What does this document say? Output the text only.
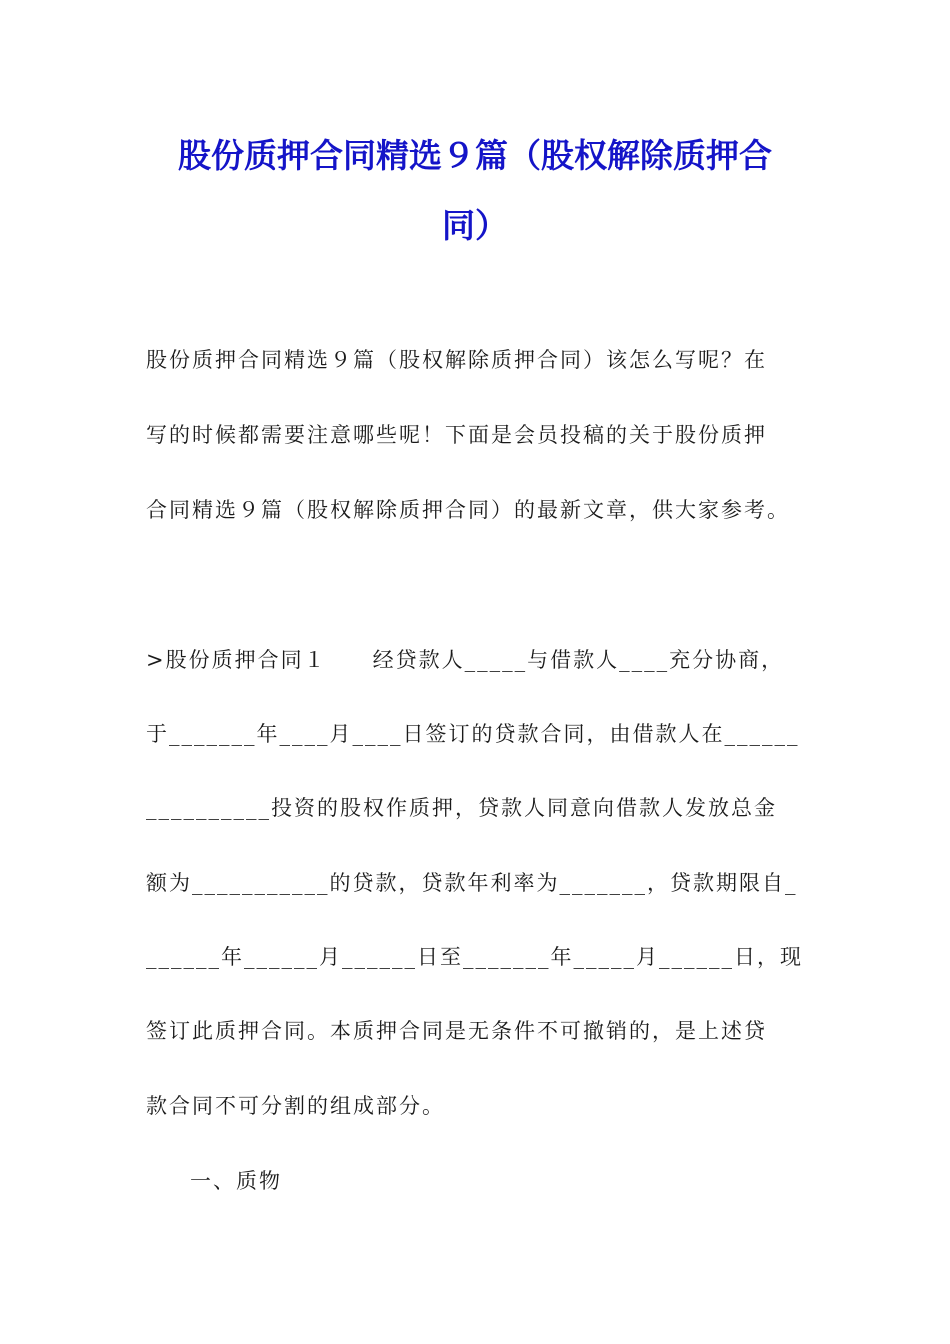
股份质押合同精选９篇（股权解除质押合
同）

股份质押合同精选９篇（股权解除质押合同）该怎么写呢？在

写的时候都需要注意哪些呢！下面是会员投稿的关于股份质押

合同精选９篇（股权解除质押合同）的最新文章，供大家参考。

>股份质押合同１　　经贷款人_____与借款人____充分协商，

于_______年____月____日签订的贷款合同，由借款人在______

__________投资的股权作质押，贷款人同意向借款人发放总金

额为___________的贷款，贷款年利率为_______，贷款期限自_

______年______月______日至_______年_____月______日，现

签订此质押合同。本质押合同是无条件不可撤销的，是上述贷

款合同不可分割的组成部分。

一、质物
